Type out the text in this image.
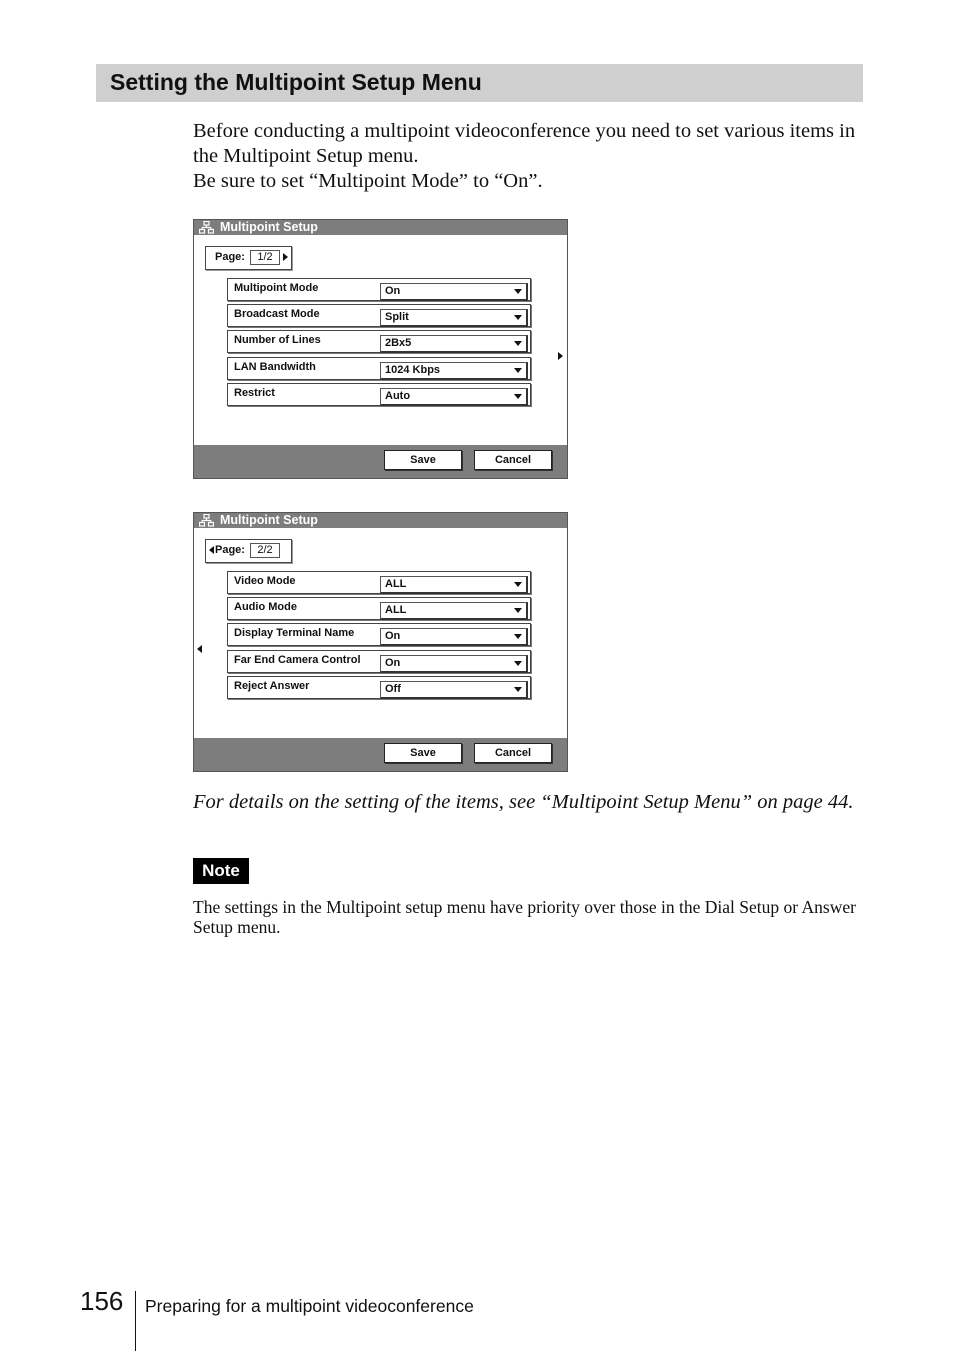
Setting the Multipoint Setup Menu

Before conducting a multipoint videoconference you need to set various items in the Multipoint Setup menu.

Be sure to set “Multipoint Mode” to “On”.

Multipoint Setup
Page:	1/2
Multipoint Mode	On
Broadcast Mode	Split
Number of Lines	2Bx5
LAN Bandwidth	1024 Kbps
Restrict	Auto
Save	Cancel
Multipoint Setup
Page:	2/2
Video Mode	ALL
Audio Mode	ALL
Display Terminal Name	On
Far End Camera Control On
Reject Answer	Off
Save	Cancel

For details on the setting of the items, see “Multipoint Setup Menu” on page 44.

Note

The settings in the Multipoint setup menu have priority over those in the Dial Setup or Answer Setup menu.

156 Preparing for a multipoint videoconference
